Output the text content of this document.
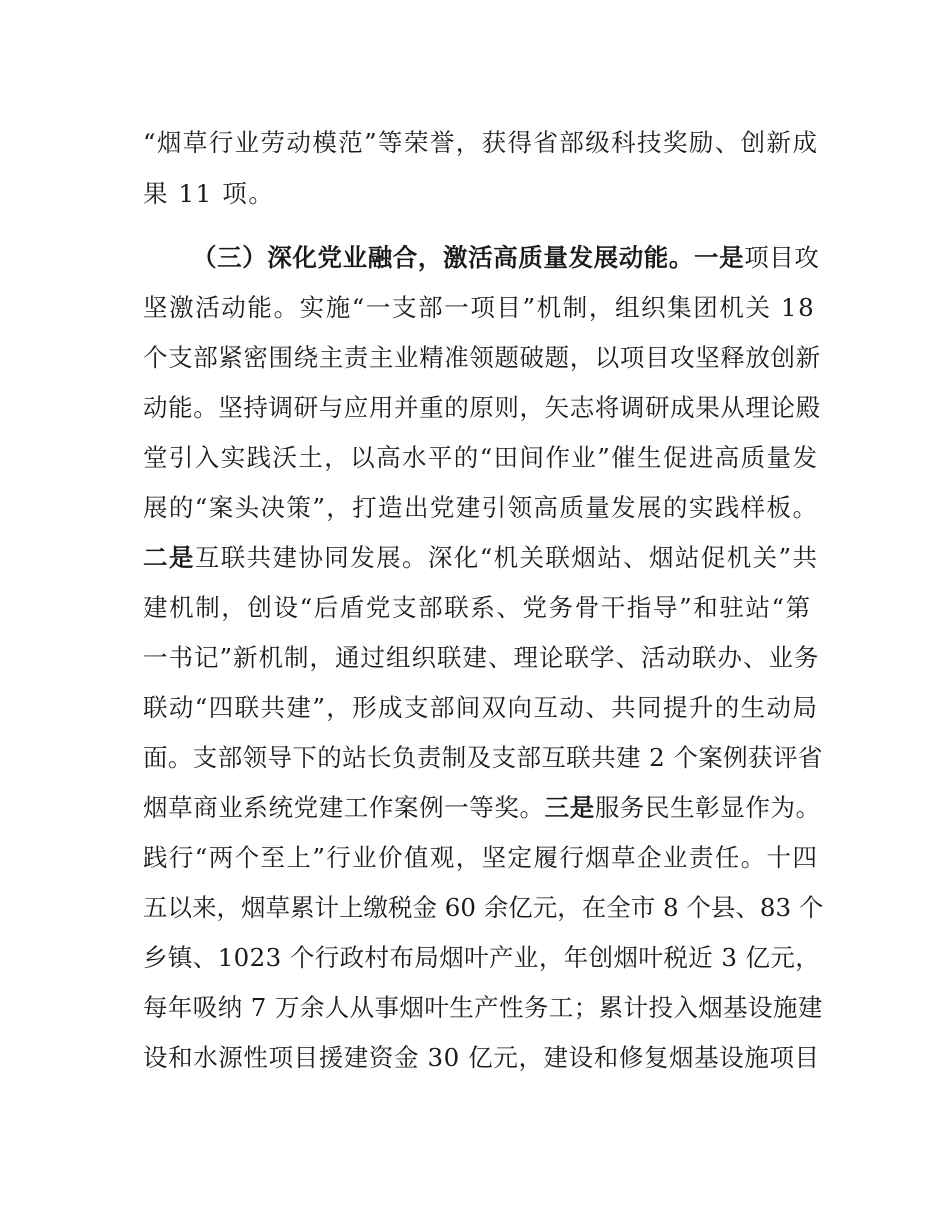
“烟草行业劳动模范”等荣誉，获得省部级科技奖励、创新成
果 11 项。
（三）深化党业融合，激活高质量发展动能。一是项目攻
坚激活动能。实施“一支部一项目”机制，组织集团机关 18
个支部紧密围绕主责主业精准领题破题，以项目攻坚释放创新
动能。坚持调研与应用并重的原则，矢志将调研成果从理论殿
堂引入实践沃土，以高水平的“田间作业”催生促进高质量发
展的“案头决策”，打造出党建引领高质量发展的实践样板。
二是互联共建协同发展。深化“机关联烟站、烟站促机关”共
建机制，创设“后盾党支部联系、党务骨干指导”和驻站“第
一书记”新机制，通过组织联建、理论联学、活动联办、业务
联动“四联共建”，形成支部间双向互动、共同提升的生动局
面。支部领导下的站长负责制及支部互联共建 2 个案例获评省
烟草商业系统党建工作案例一等奖。三是服务民生彰显作为。
践行“两个至上”行业价值观，坚定履行烟草企业责任。十四
五以来，烟草累计上缴税金 60 余亿元，在全市 8 个县、83 个
乡镇、1023 个行政村布局烟叶产业，年创烟叶税近 3 亿元，
每年吸纳 7 万余人从事烟叶生产性务工；累计投入烟基设施建
设和水源性项目援建资金 30 亿元，建设和修复烟基设施项目
